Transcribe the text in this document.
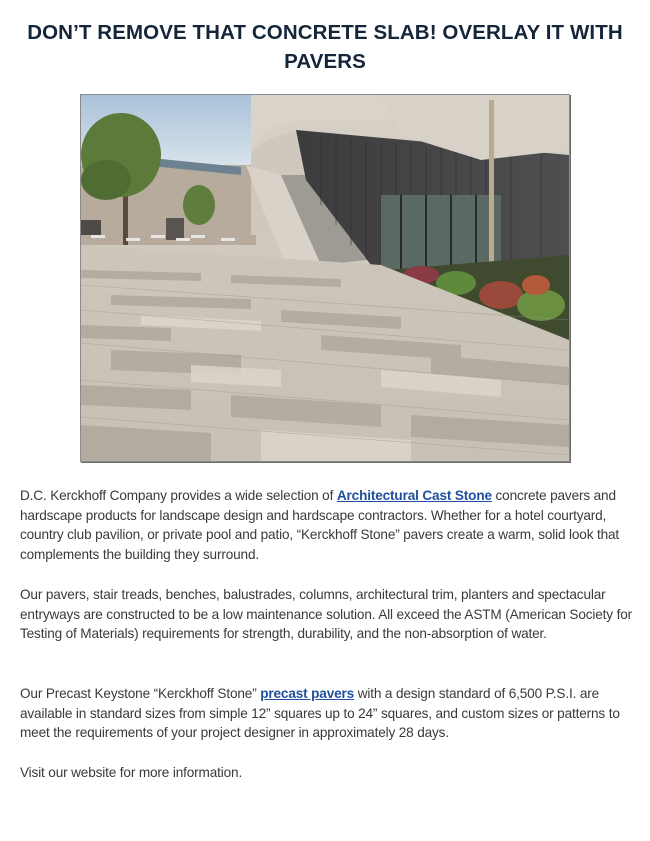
DON’T REMOVE THAT CONCRETE SLAB! OVERLAY IT WITH PAVERS

D.C. Kerckhoff Company provides a wide selection of Architectural Cast Stone concrete pavers and hardscape products for landscape design and hardscape contractors. Whether for a hotel courtyard, country club pavilion, or private pool and patio, “Kerckhoff Stone” pavers create a warm, solid look that complements the building they surround.

Our pavers, stair treads, benches, balustrades, columns, architectural trim, planters and spectacular entryways are constructed to be a low maintenance solution. All exceed the ASTM (American Society for Testing of Materials) requirements for strength, durability, and the non-absorption of water.

Our Precast Keystone “Kerckhoff Stone” precast pavers with a design standard of 6,500 P.S.I. are available in standard sizes from simple 12” squares up to 24” squares, and custom sizes or patterns to meet the requirements of your project designer in approximately 28 days.

Visit our website for more information.
